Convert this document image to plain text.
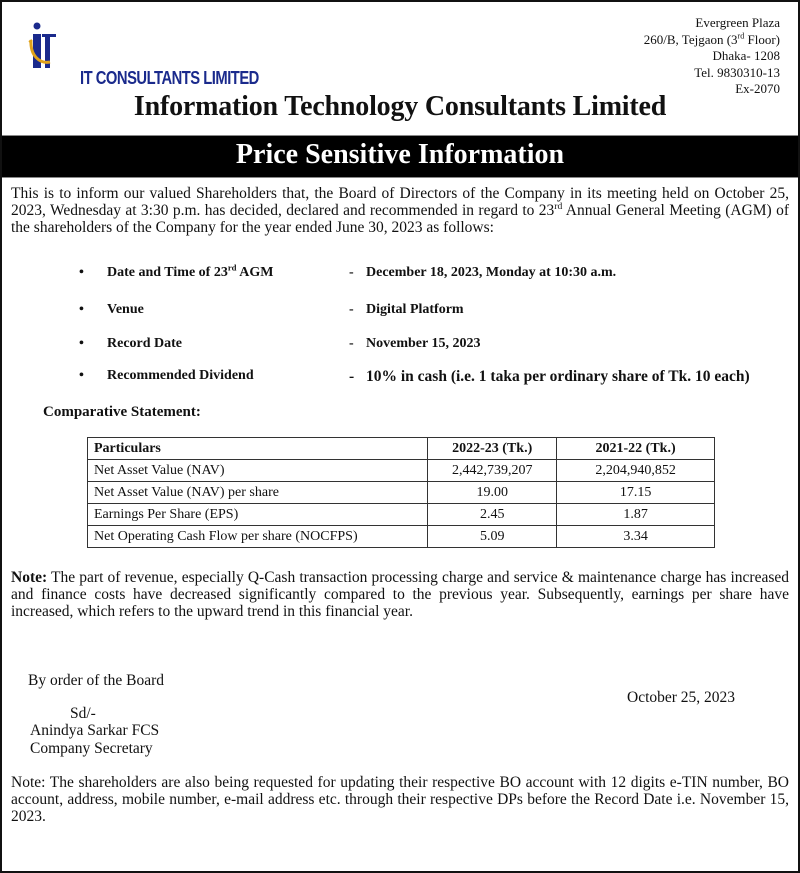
IT CONSULTANTS LIMITED
Evergreen Plaza
260/B, Tejgaon (3rd Floor)
Dhaka- 1208
Tel. 9830310-13
Ex-2070
Information Technology Consultants Limited
Price Sensitive Information
This is to inform our valued Shareholders that, the Board of Directors of the Company in its meeting held on October 25, 2023, Wednesday at 3:30 p.m. has decided, declared and recommended in regard to 23rd Annual General Meeting (AGM) of the shareholders of the Company for the year ended June 30, 2023 as follows:
• Date and Time of 23rd AGM	- December 18, 2023, Monday at 10:30 a.m.
• Venue	- Digital Platform
• Record Date	- November 15, 2023
• Recommended Dividend	- 10% in cash (i.e. 1 taka per ordinary share of Tk. 10 each)
Comparative Statement:
Particulars	2022-23 (Tk.)	2021-22 (Tk.)
Net Asset Value (NAV)	2,442,739,207	2,204,940,852
Net Asset Value (NAV) per share	19.00	17.15
Earnings Per Share (EPS)	2.45	1.87
Net Operating Cash Flow per share (NOCFPS)	5.09	3.34
Note: The part of revenue, especially Q-Cash transaction processing charge and service & maintenance charge has increased and finance costs have decreased significantly compared to the previous year. Subsequently, earnings per share have increased, which refers to the upward trend in this financial year.
By order of the Board
October 25, 2023
Sd/-
Anindya Sarkar FCS
Company Secretary
Note: The shareholders are also being requested for updating their respective BO account with 12 digits e-TIN number, BO account, address, mobile number, e-mail address etc. through their respective DPs before the Record Date i.e. November 15, 2023.
